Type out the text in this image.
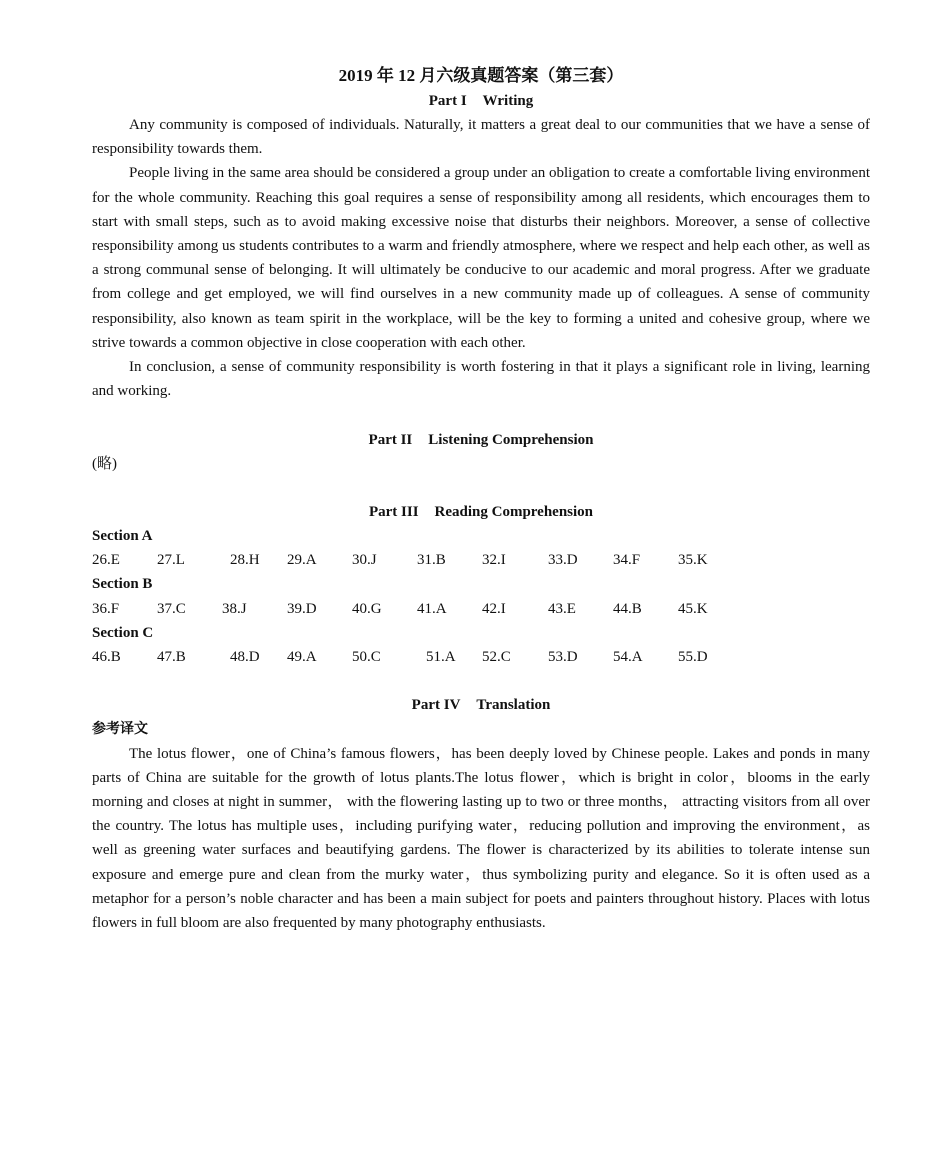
2019 年 12 月六级真题答案（第三套）
Part I Writing

Any community is composed of individuals. Naturally, it matters a great deal to our communities that we have a sense of responsibility towards them.

People living in the same area should be considered a group under an obligation to create a comfortable living environment for the whole community. Reaching this goal requires a sense of responsibility among all residents, which encourages them to start with small steps, such as to avoid making excessive noise that disturbs their neighbors. Moreover, a sense of collective responsibility among us students contributes to a warm and friendly atmosphere, where we respect and help each other, as well as a strong communal sense of belonging. It will ultimately be conducive to our academic and moral progress. After we graduate from college and get employed, we will find ourselves in a new community made up of colleagues. A sense of community responsibility, also known as team spirit in the workplace, will be the key to forming a united and cohesive group, where we strive towards a common objective in close cooperation with each other.

In conclusion, a sense of community responsibility is worth fostering in that it plays a significant role in living, learning and working.

Part II Listening Comprehension
(略)
Part III Reading Comprehension
Section A
26.E 27.L	28.H 29.A 30.J	31.B 32.I	33.D 34.F	35.K
Section B
36.F	37.C 38.J	39.D 40.G 41.A 42.I	43.E 44.B 45.K
Section C
46.B 47.B	48.D 49.A 50.C	51.A 52.C 53.D 54.A 55.D
Part IV Translation
参考译文

The lotus flower，one of China’s famous flowers，has been deeply loved by Chinese people. Lakes and ponds in many parts of China are suitable for the growth of lotus plants.The lotus flower，which is bright in color，blooms in the early morning and closes at night in summer， with the flowering lasting up to two or three months， attracting visitors from all over the country. The lotus has multiple uses，including purifying water，reducing pollution and improving the environment，as well as greening water surfaces and beautifying gardens. The flower is characterized by its abilities to tolerate intense sun exposure and emerge pure and clean from the murky water，thus symbolizing purity and elegance. So it is often used as a metaphor for a person’s noble character and has been a main subject for poets and painters throughout history. Places with lotus flowers in full bloom are also frequented by many photography enthusiasts.
